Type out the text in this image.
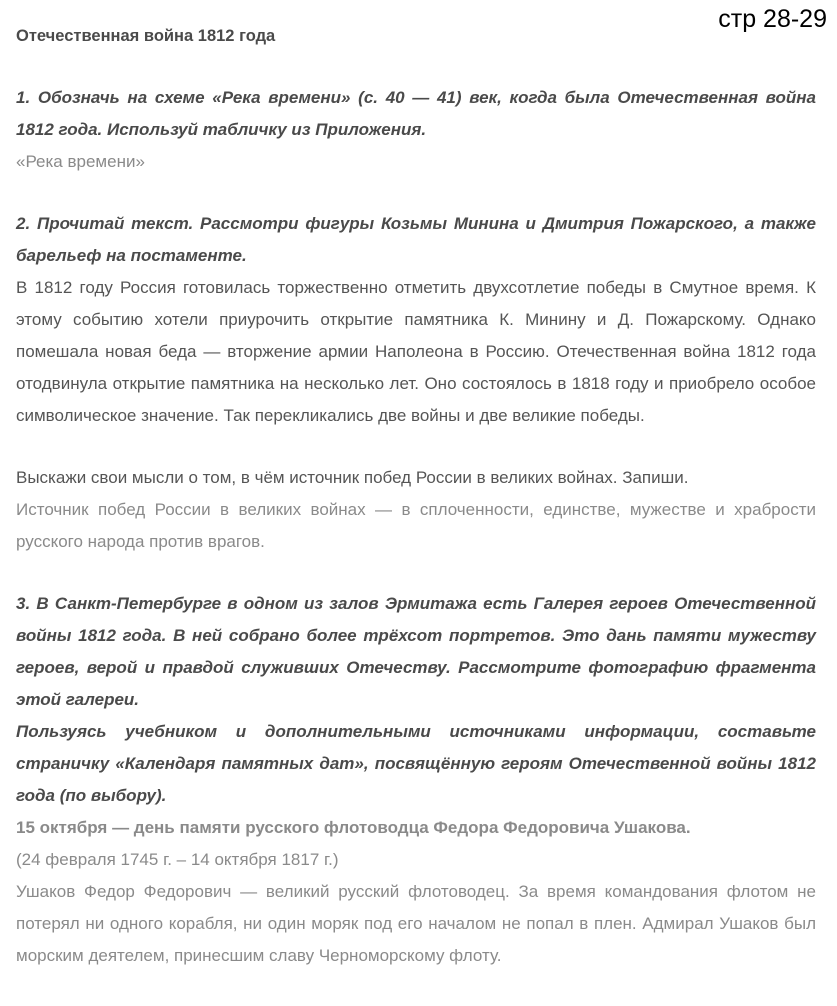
стр 28-29

Отечественная война 1812 года

1. Обозначь на схеме «Река времени» (с. 40 — 41) век, когда была Отечественная война 1812 года. Используй табличку из Приложения.

«Река времени»

2. Прочитай текст. Рассмотри фигуры Козьмы Минина и Дмитрия Пожарского, а также барельеф на постаменте.

В 1812 году Россия готовилась торжественно отметить двухсотлетие победы в Смутное время. К этому событию хотели приурочить открытие памятника К. Минину и Д. Пожарскому. Однако помешала новая беда — вторжение армии Наполеона в Россию. Отечественная война 1812 года отодвинула открытие памятника на несколько лет. Оно состоялось в 1818 году и приобрело особое символическое значение. Так перекликались две войны и две великие победы.

Выскажи свои мысли о том, в чём источник побед России в великих войнах. Запиши.

Источник побед России в великих войнах — в сплоченности, единстве, мужестве и храбрости русского народа против врагов.

3. В Санкт-Петербурге в одном из залов Эрмитажа есть Галерея героев Отечественной войны 1812 года. В ней собрано более трёхсот портретов. Это дань памяти мужеству героев, верой и правдой служивших Отечеству. Рассмотрите фотографию фрагмента этой галереи.

Пользуясь учебником и дополнительными источниками информации, составьте страничку «Календаря памятных дат», посвящённую героям Отечественной войны 1812 года (по выбору).

15 октября — день памяти русского флотоводца Федора Федоровича Ушакова.

(24 февраля 1745 г. – 14 октября 1817 г.)

Ушаков Федор Федорович — великий русский флотоводец. За время командования флотом не потерял ни одного корабля, ни один моряк под его началом не попал в плен. Адмирал Ушаков был морским деятелем, принесшим славу Черноморскому флоту.
